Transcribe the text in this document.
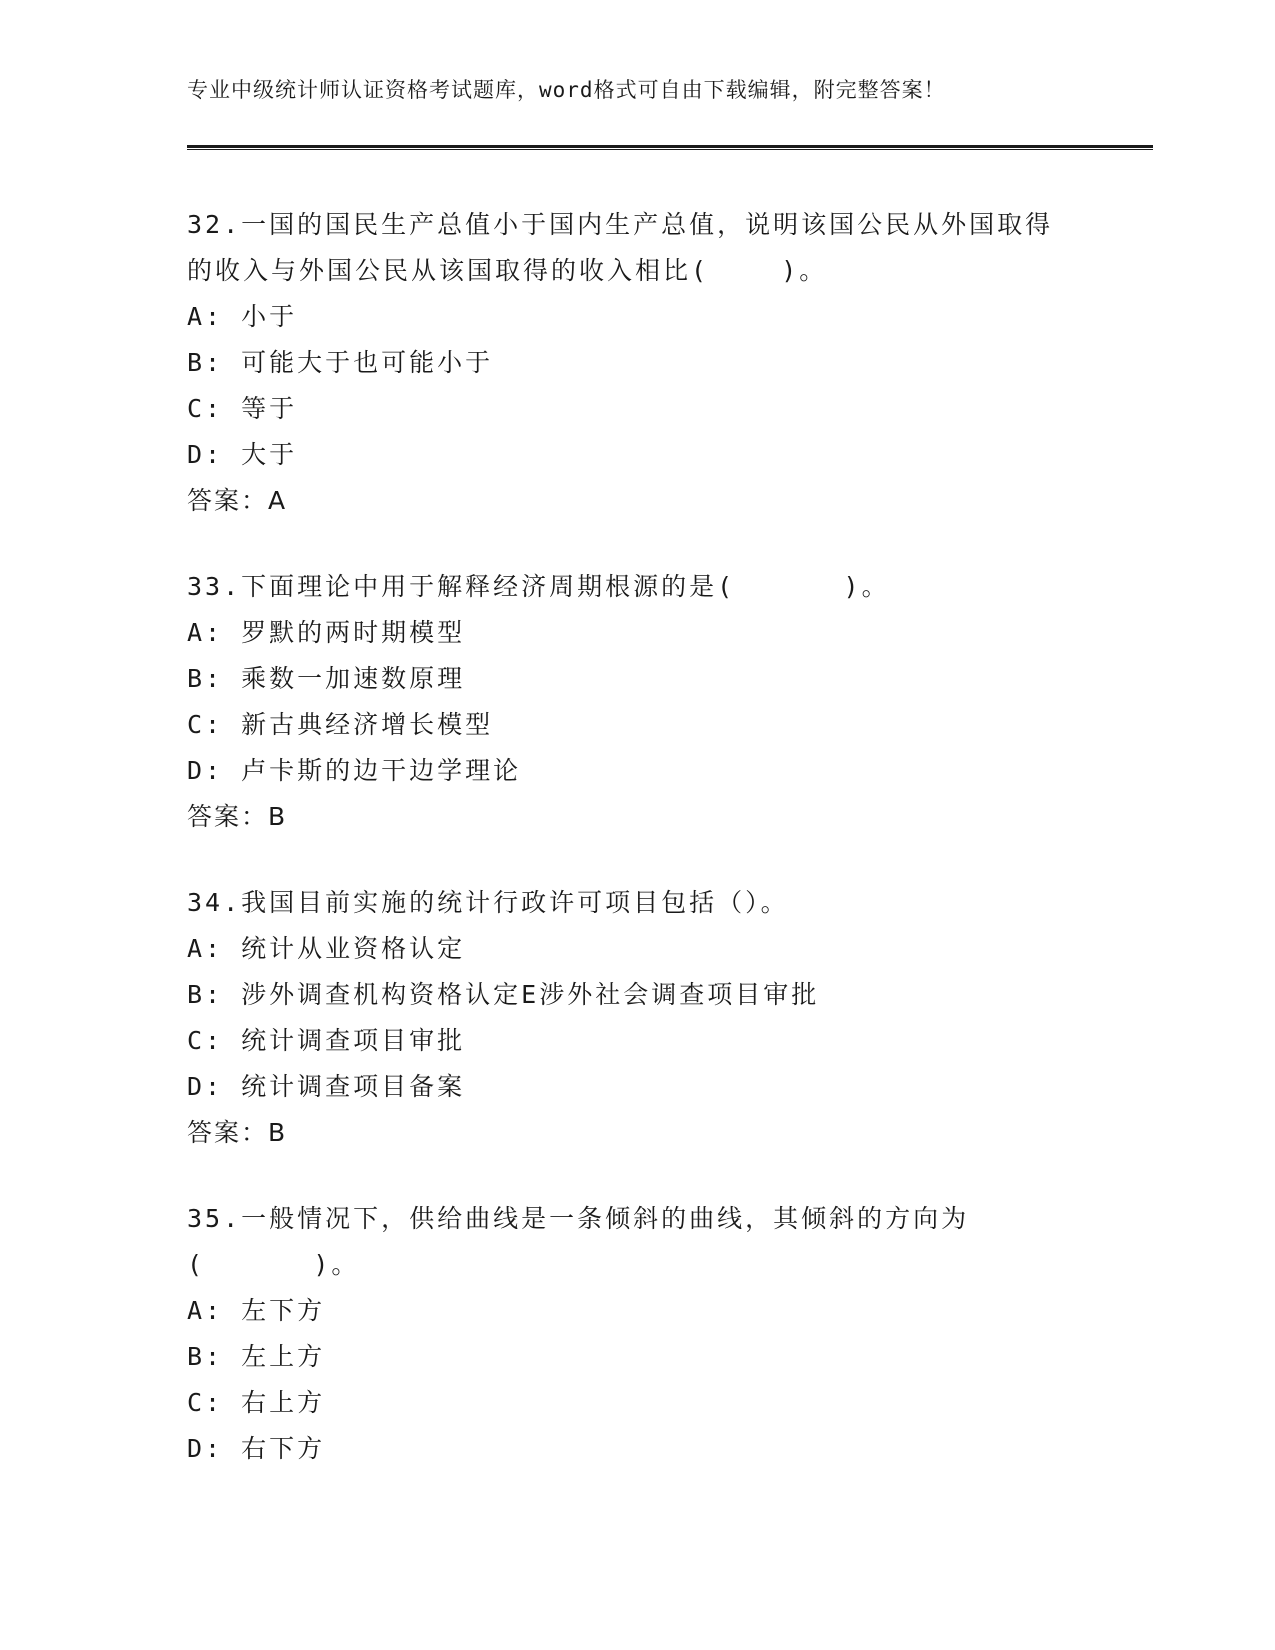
专业中级统计师认证资格考试题库，word格式可自由下载编辑，附完整答案！
32.一国的国民生产总值小于国内生产总值，说明该国公民从外国取得
的收入与外国公民从该国取得的收入相比(    )。
A: 小于
B: 可能大于也可能小于
C: 等于
D: 大于
答案：A
33.下面理论中用于解释经济周期根源的是(      )。
A: 罗默的两时期模型
B: 乘数一加速数原理
C: 新古典经济增长模型
D: 卢卡斯的边干边学理论
答案：B
34.我国目前实施的统计行政许可项目包括（）。
A: 统计从业资格认定
B: 涉外调查机构资格认定E涉外社会调查项目审批
C: 统计调查项目审批
D: 统计调查项目备案
答案：B
35.一般情况下，供给曲线是一条倾斜的曲线，其倾斜的方向为
(      )。
A: 左下方
B: 左上方
C: 右上方
D: 右下方
